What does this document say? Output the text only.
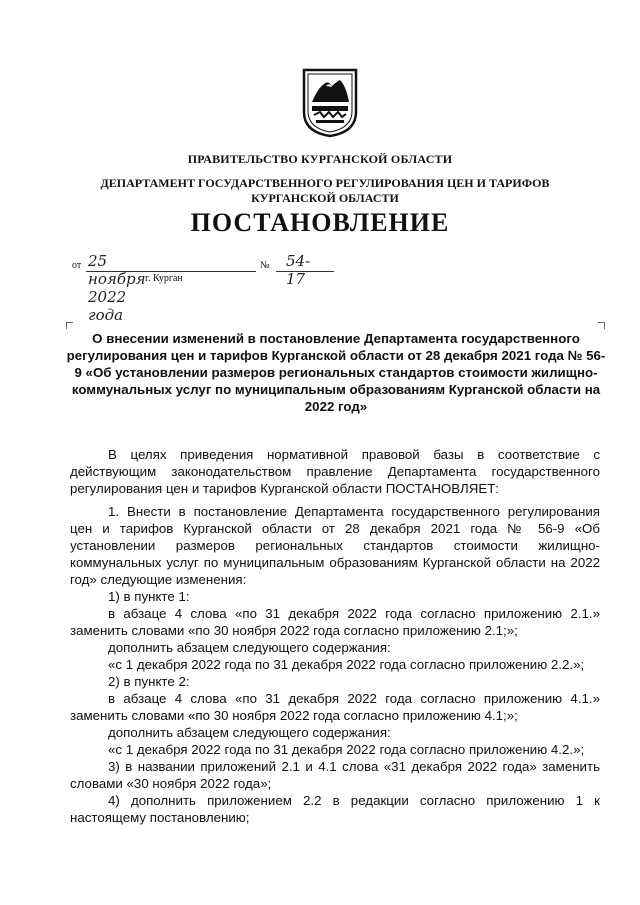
ПРАВИТЕЛЬСТВО КУРГАНСКОЙ ОБЛАСТИ
ДЕПАРТАМЕНТ ГОСУДАРСТВЕННОГО РЕГУЛИРОВАНИЯ ЦЕН И ТАРИФОВ КУРГАНСКОЙ ОБЛАСТИ
ПОСТАНОВЛЕНИЕ
от 25 ноября 2022 года
№ 54-17
г. Курган
О внесении изменений в постановление Департамента государственного регулирования цен и тарифов Курганской области от 28 декабря 2021 года № 56-9 «Об установлении размеров региональных стандартов стоимости жилищно-коммунальных услуг по муниципальным образованиям Курганской области на 2022 год»

В целях приведения нормативной правовой базы в соответствие с действующим законодательством правление Департамента государственного регулирования цен и тарифов Курганской области ПОСТАНОВЛЯЕТ:

1. Внести в постановление Департамента государственного регулирования цен и тарифов Курганской области от 28 декабря 2021 года № 56-9 «Об установлении размеров региональных стандартов стоимости жилищно-коммунальных услуг по муниципальным образованиям Курганской области на 2022 год» следующие изменения:

1) в пункте 1:

в абзаце 4 слова «по 31 декабря 2022 года согласно приложению 2.1.» заменить словами «по 30 ноября 2022 года согласно приложению 2.1;»;

дополнить абзацем следующего содержания:

«с 1 декабря 2022 года по 31 декабря 2022 года согласно приложению 2.2.»;

2) в пункте 2:

в абзаце 4 слова «по 31 декабря 2022 года согласно приложению 4.1.» заменить словами «по 30 ноября 2022 года согласно приложению 4.1;»;

дополнить абзацем следующего содержания:

«с 1 декабря 2022 года по 31 декабря 2022 года согласно приложению 4.2.»;

3) в названии приложений 2.1 и 4.1 слова «31 декабря 2022 года» заменить словами «30 ноября 2022 года»;

4) дополнить приложением 2.2 в редакции согласно приложению 1 к настоящему постановлению;
